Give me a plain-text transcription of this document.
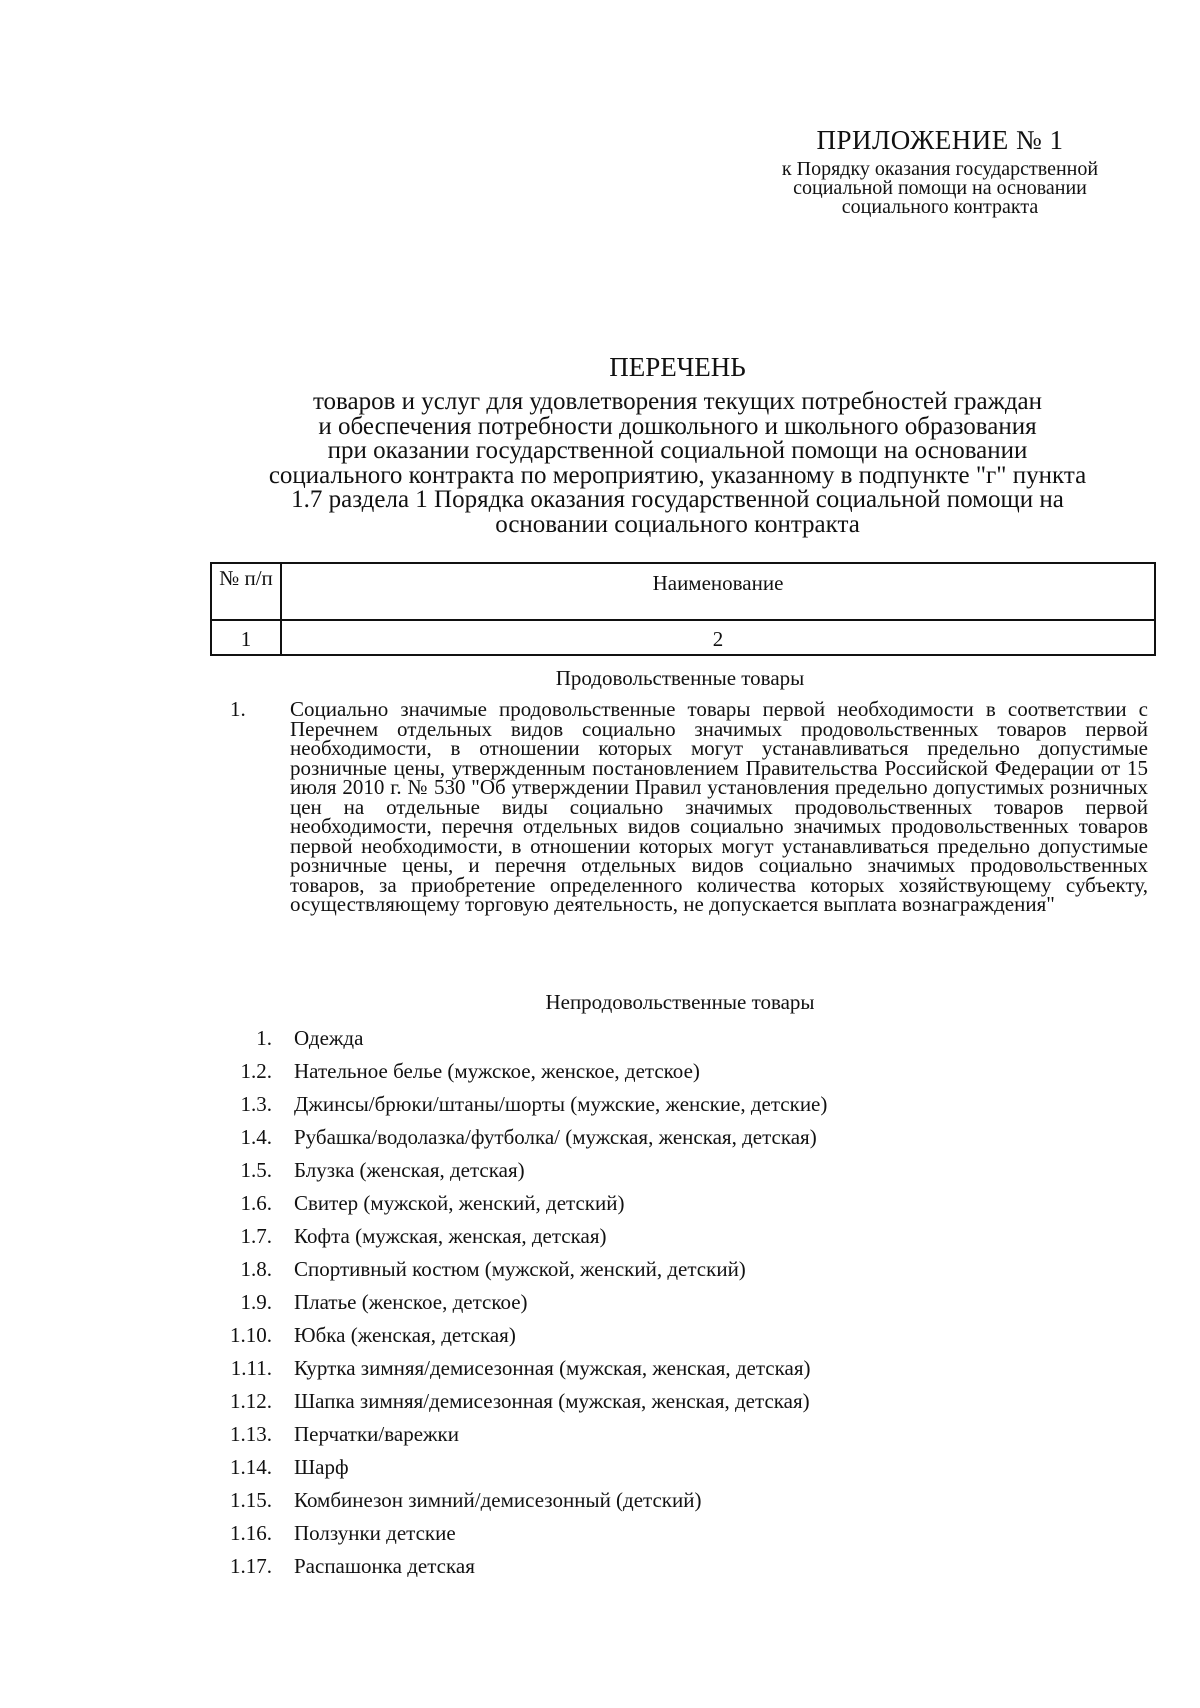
ПРИЛОЖЕНИЕ № 1
к Порядку оказания государственной
социальной помощи на основании
социального контракта
ПЕРЕЧЕНЬ
товаров и услуг для удовлетворения текущих потребностей граждан
и обеспечения потребности дошкольного и школьного образования
при оказании государственной социальной помощи на основании
социального контракта по мероприятию, указанному в подпункте "г" пункта
1.7 раздела 1 Порядка оказания государственной социальной помощи на
основании социального контракта
№ п/п	Наименование
1	2
Продовольственные товары
1.	Социально значимые продовольственные товары первой необходимости в соответствии с Перечнем отдельных видов социально значимых продовольственных товаров первой необходимости, в отношении которых могут устанавливаться предельно допустимые розничные цены, утвержденным постановлением Правительства Российской Федерации от 15 июля 2010 г. № 530 "Об утверждении Правил установления предельно допустимых розничных цен на отдельные виды социально значимых продовольственных товаров первой необходимости, перечня отдельных видов социально значимых продовольственных товаров первой необходимости, в отношении которых могут устанавливаться предельно допустимые розничные цены, и перечня отдельных видов социально значимых продовольственных товаров, за приобретение определенного количества которых хозяйствующему субъекту, осуществляющему торговую деятельность, не допускается выплата вознаграждения"
Непродовольственные товары
1.	Одежда
1.2.	Нательное белье (мужское, женское, детское)
1.3.	Джинсы/брюки/штаны/шорты (мужские, женские, детские)
1.4.	Рубашка/водолазка/футболка/ (мужская, женская, детская)
1.5.	Блузка (женская, детская)
1.6.	Свитер (мужской, женский, детский)
1.7.	Кофта (мужская, женская, детская)
1.8.	Спортивный костюм (мужской, женский, детский)
1.9.	Платье (женское, детское)
1.10.	Юбка (женская, детская)
1.11.	Куртка зимняя/демисезонная (мужская, женская, детская)
1.12.	Шапка зимняя/демисезонная (мужская, женская, детская)
1.13.	Перчатки/варежки
1.14.	Шарф
1.15.	Комбинезон зимний/демисезонный (детский)
1.16.	Ползунки детские
1.17.	Распашонка детская
